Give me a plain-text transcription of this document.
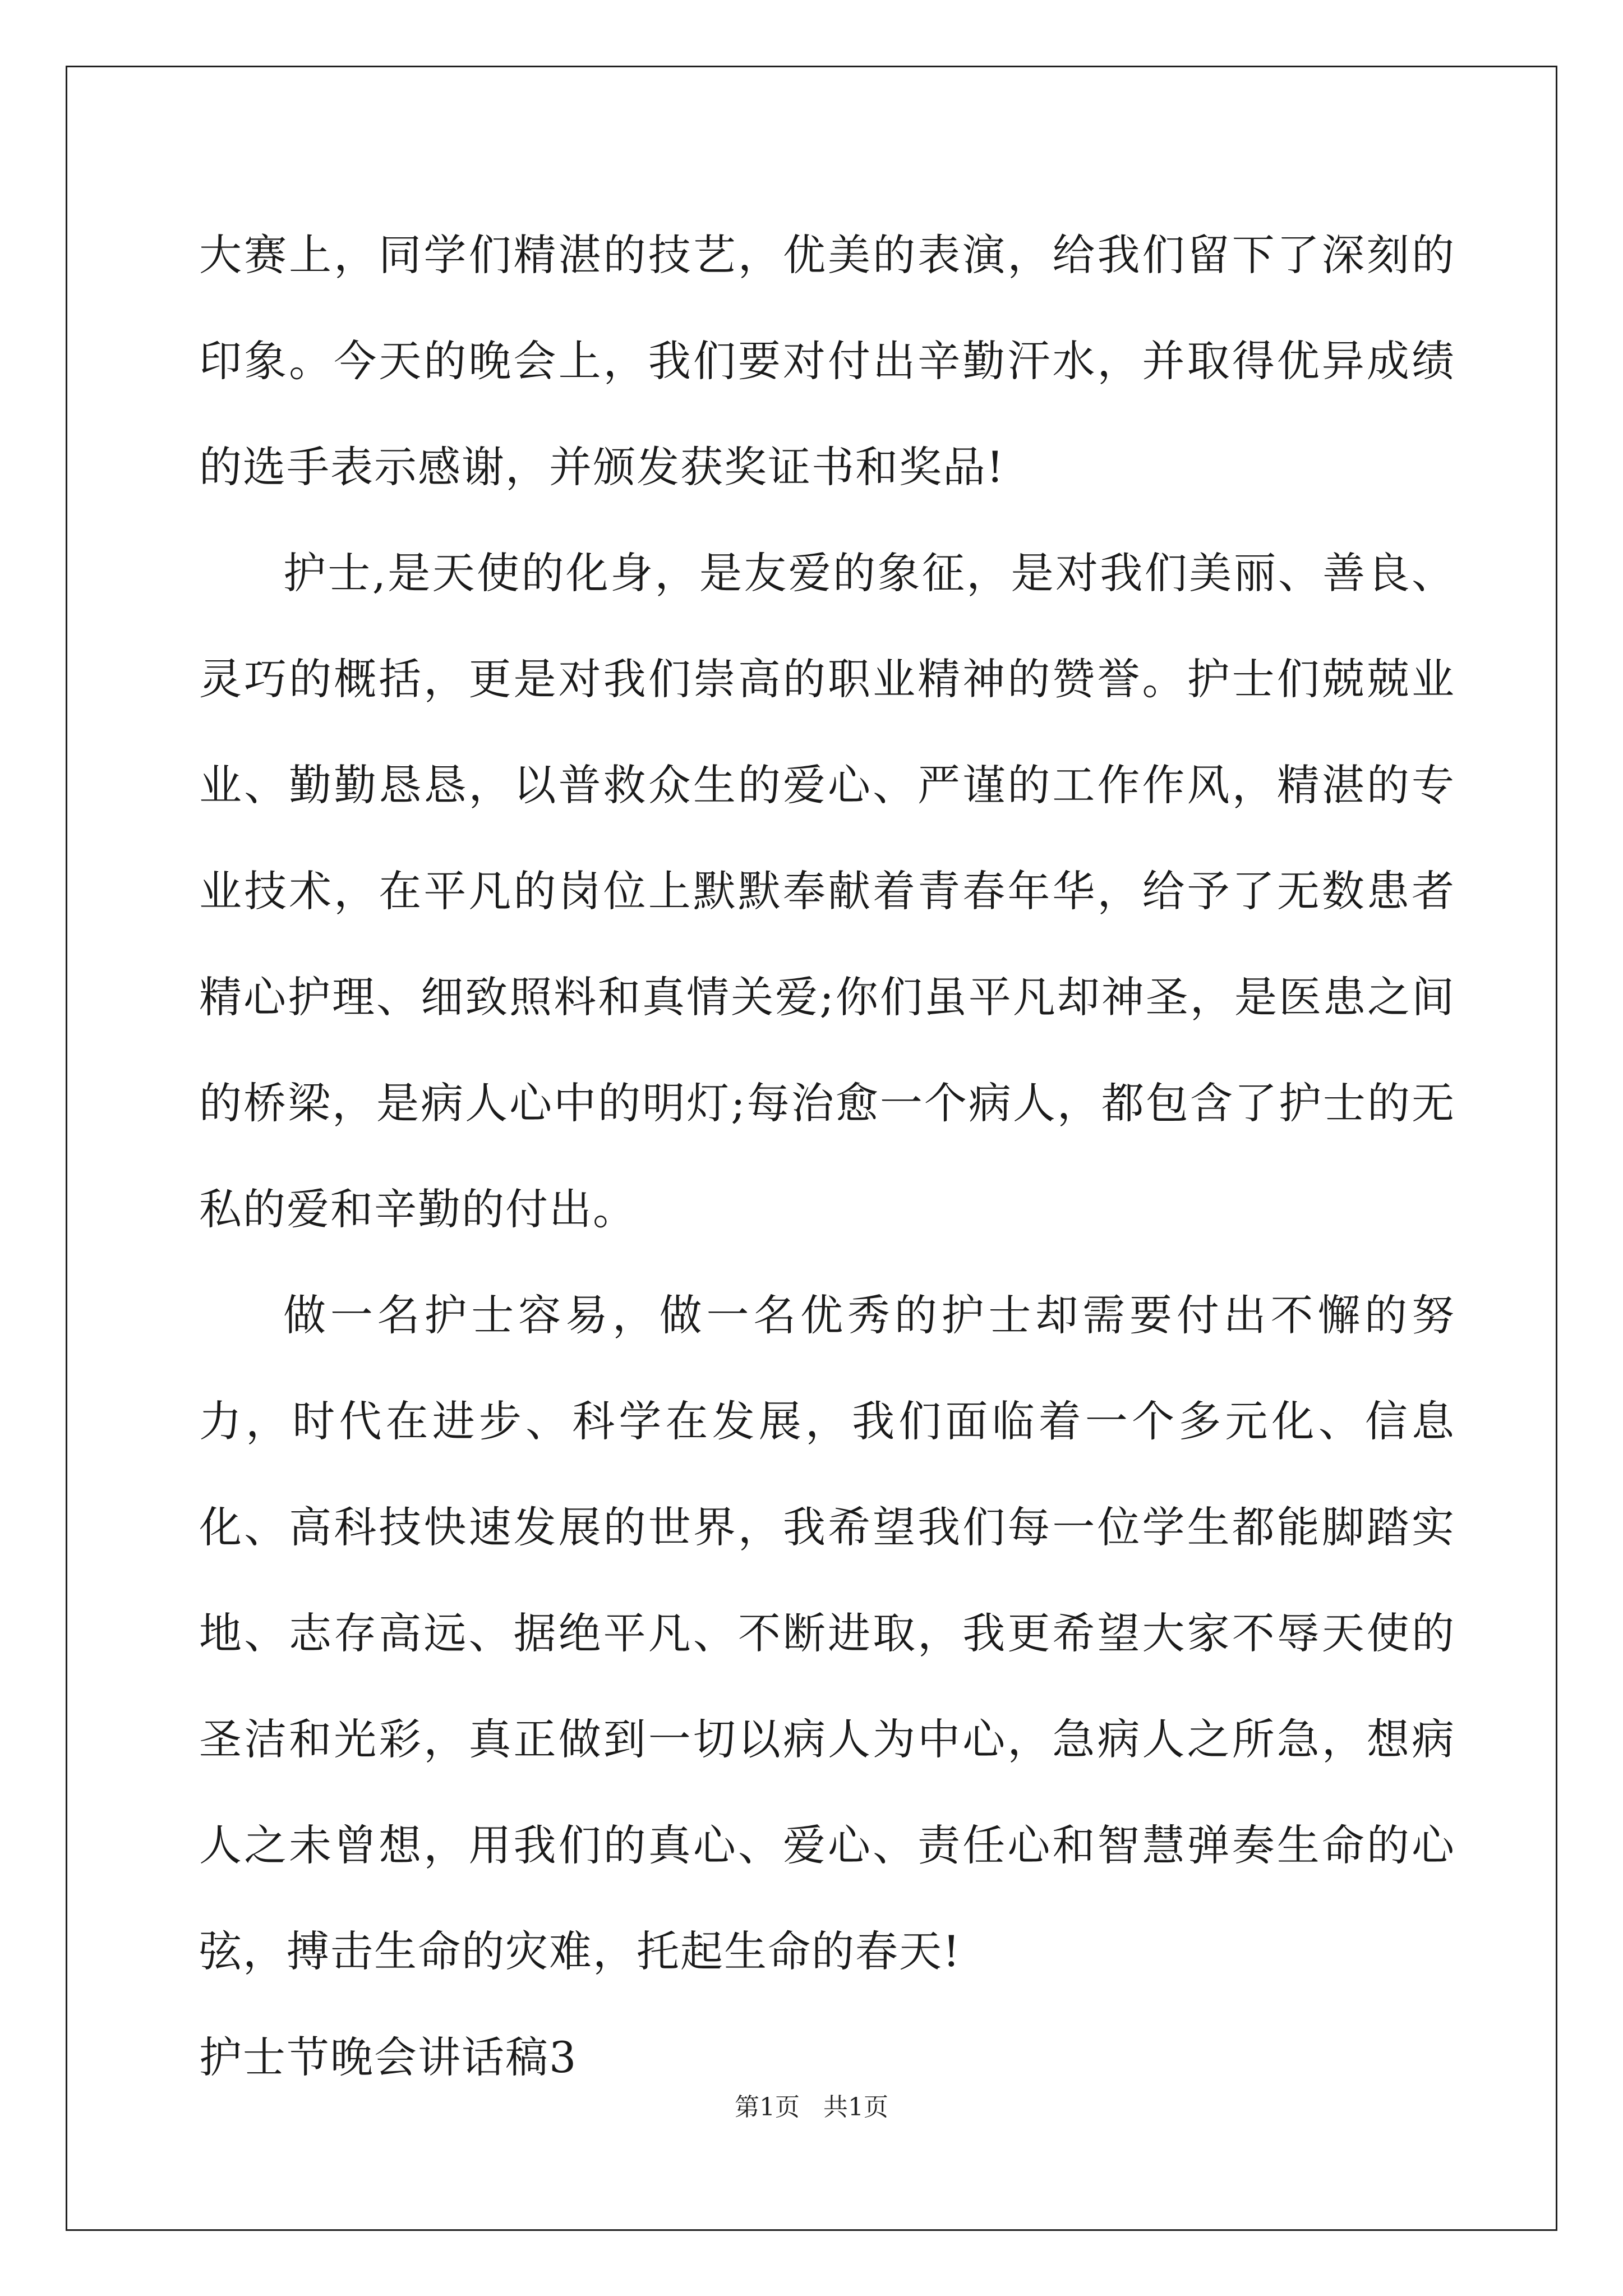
大赛上，同学们精湛的技艺，优美的表演，给我们留下了深刻的印象。今天的晚会上，我们要对付出辛勤汗水，并取得优异成绩的选手表示感谢，并颁发获奖证书和奖品!

护士,是天使的化身，是友爱的象征，是对我们美丽、善良、灵巧的概括，更是对我们崇高的职业精神的赞誉。护士们兢兢业业、勤勤恳恳，以普救众生的爱心、严谨的工作作风，精湛的专业技术，在平凡的岗位上默默奉献着青春年华，给予了无数患者精心护理、细致照料和真情关爱;你们虽平凡却神圣，是医患之间的桥梁，是病人心中的明灯;每治愈一个病人，都包含了护士的无私的爱和辛勤的付出。

做一名护士容易，做一名优秀的护士却需要付出不懈的努力，时代在进步、科学在发展，我们面临着一个多元化、信息化、高科技快速发展的世界，我希望我们每一位学生都能脚踏实地、志存高远、据绝平凡、不断进取，我更希望大家不辱天使的圣洁和光彩，真正做到一切以病人为中心，急病人之所急，想病人之未曾想，用我们的真心、爱心、责任心和智慧弹奏生命的心弦，搏击生命的灾难，托起生命的春天!

护士节晚会讲话稿3

第1页   共1页
